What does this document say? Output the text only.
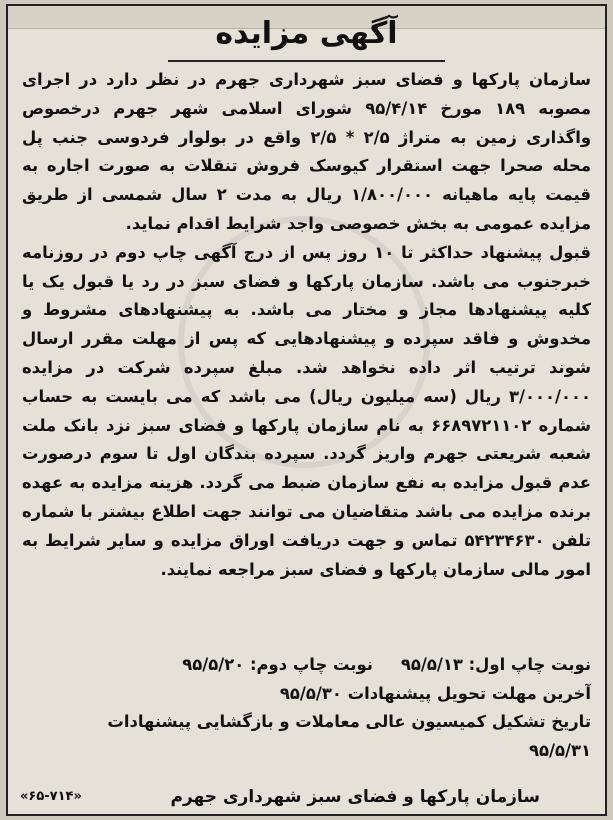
آگهی مزایده

سازمان پارکها و فضای سبز شهرداری جهرم در نظر دارد در اجرای مصوبه ۱۸۹ مورخ ۹۵/۴/۱۴ شورای اسلامی شهر جهرم درخصوص واگذاری زمین به متراژ ۲/۵ * ۲/۵ واقع در بولوار فردوسی جنب پل محله صحرا جهت استقرار کیوسک فروش تنقلات به صورت اجاره به قیمت پایه ماهیانه ۱/۸۰۰/۰۰۰ ریال به مدت ۲ سال شمسی از طریق مزایده عمومی به بخش خصوصی واجد شرایط اقدام نماید.

قبول پیشنهاد حداکثر تا ۱۰ روز پس از درج آگهی چاپ دوم در روزنامه خبرجنوب می باشد. سازمان پارکها و فضای سبز در رد یا قبول یک یا کلیه پیشنهادها مجاز و مختار می باشد. به پیشنهادهای مشروط و مخدوش و فاقد سپرده و پیشنهادهایی که پس از مهلت مقرر ارسال شوند ترتیب اثر داده نخواهد شد. مبلغ سپرده شرکت در مزایده ۳/۰۰۰/۰۰۰ ریال (سه میلیون ریال) می باشد که می بایست به حساب شماره ۶۶۸۹۷۲۱۱۰۲ به نام سازمان پارکها و فضای سبز نزد بانک ملت شعبه شریعتی جهرم واریز گردد. سپرده بندگان اول تا سوم درصورت عدم قبول مزایده به نفع سازمان ضبط می گردد. هزینه مزایده به عهده برنده مزایده می باشد متقاضیان می توانند جهت اطلاع بیشتر با شماره تلفن ۵۴۲۳۴۶۳۰ تماس و جهت دریافت اوراق مزایده و سایر شرایط به امور مالی سازمان پارکها و فضای سبز مراجعه نمایند.

نوبت چاپ اول: ۹۵/۵/۱۳نوبت چاپ دوم: ۹۵/۵/۲۰
آخرین مهلت تحویل پیشنهادات ۹۵/۵/۳۰
تاریخ تشکیل کمیسیون عالی معاملات و بازگشایی پیشنهادات
۹۵/۵/۳۱
سازمان پارکها و فضای سبز شهرداری جهرم
«۶۵-۷۱۴»
